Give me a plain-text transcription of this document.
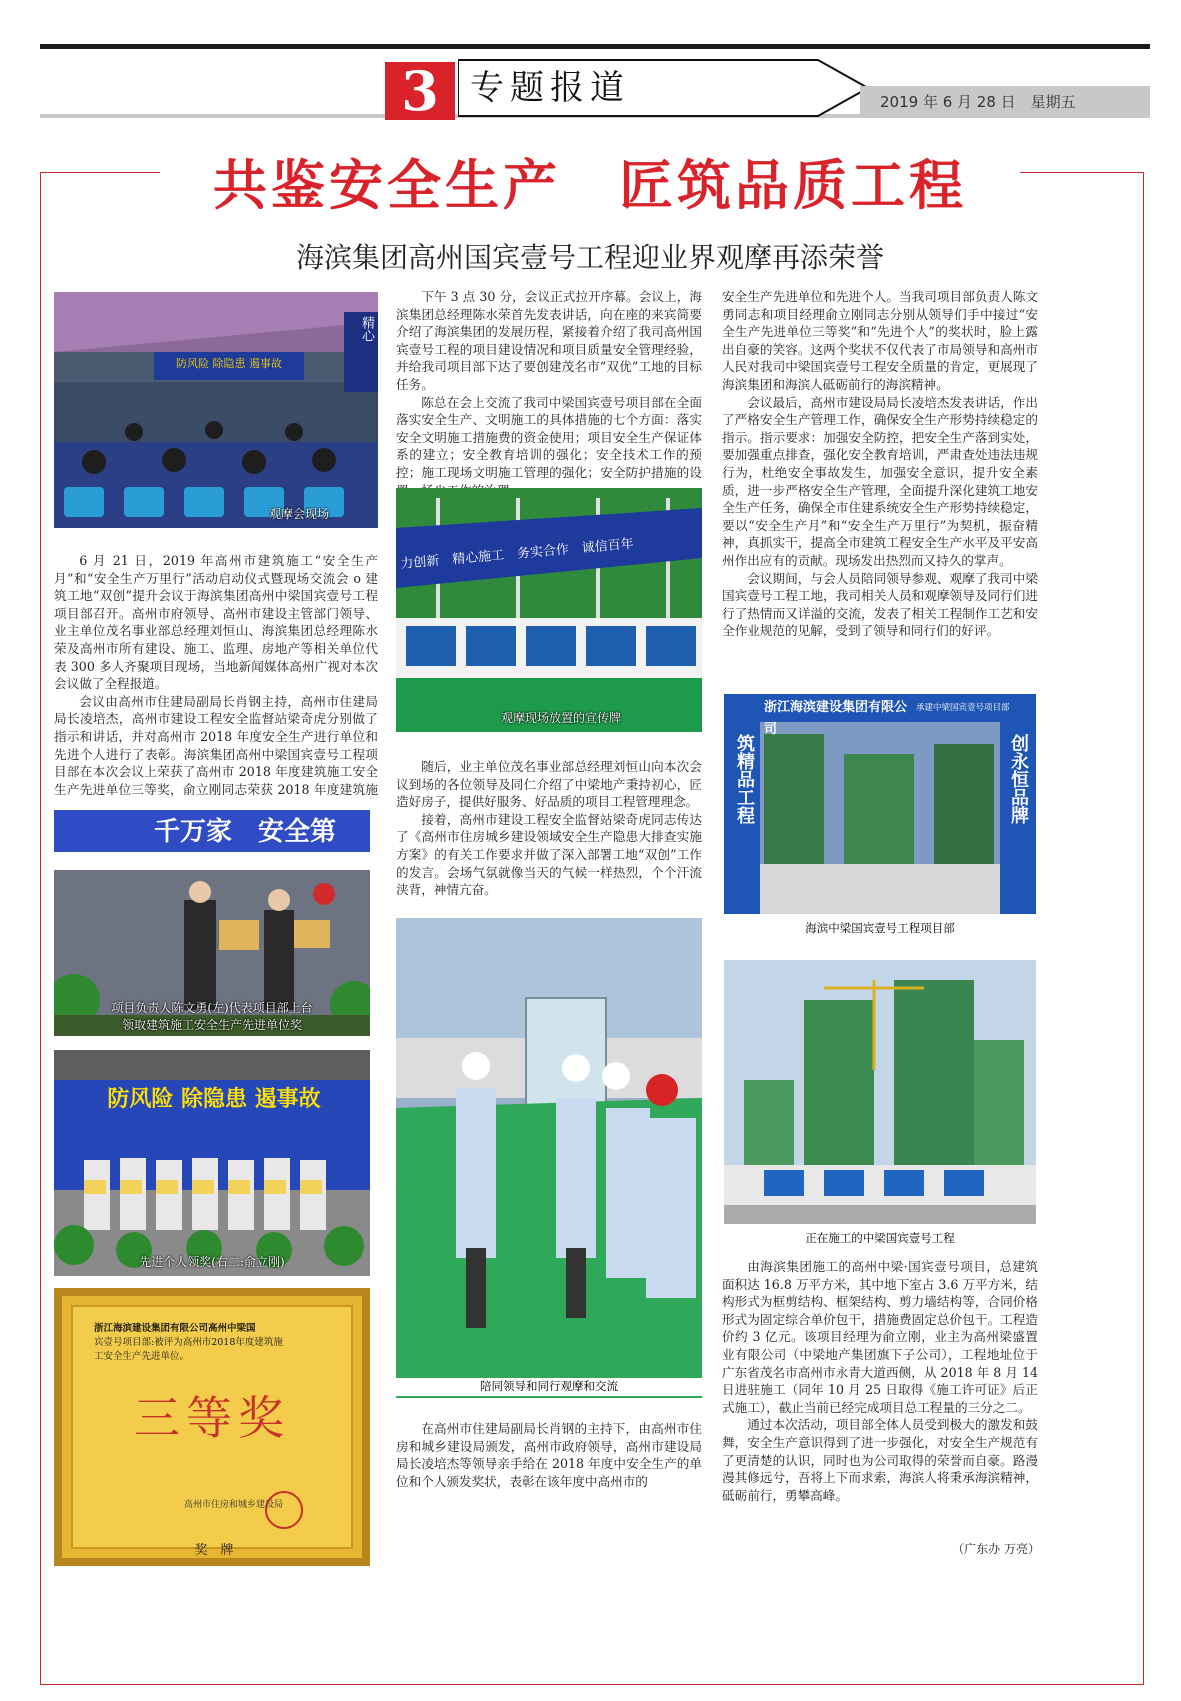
3 专题报道	2019 年 6 月 28 日　星期五
共鉴安全生产　匠筑品质工程
海滨集团高州国宾壹号工程迎业界观摩再添荣誉
防风险 除隐患 遏事故
精心
观摩会现场

6 月 21 日，2019 年高州市建筑施工“安全生产月”和“安全生产万里行”活动启动仪式暨现场交流会 o 建筑工地“双创”提升会议于海滨集团高州中梁国宾壹号工程项目部召开。高州市府领导、高州市建设主管部门领导、业主单位茂名事业部总经理刘恒山、海滨集团总经理陈水荣及高州市所有建设、施工、监理、房地产等相关单位代表 300 多人齐聚项目现场，当地新闻媒体高州广视对本次会议做了全程报道。

会议由高州市住建局副局长肖钢主持，高州市住建局局长凌培杰，高州市建设工程安全监督站梁奇虎分别做了指示和讲话，并对高州市 2018 年度安全生产进行单位和先进个人进行了表彰。海滨集团高州中梁国宾壹号工程项目部在本次会议上荣获了高州市 2018 年度建筑施工安全生产先进单位三等奖，俞立刚同志荣获 2018 年度建筑施

千万家　安全第
项目负责人陈文勇(左)代表项目部上台
领取建筑施工安全生产先进单位奖
防风险 除隐患 遏事故
先进个人领奖(右二:俞立刚)
浙江海滨建设集团有限公司高州中梁国
宾壹号项目部:被评为高州市2018年度建筑施
工安全生产先进单位。
三等奖
高州市住房和城乡建设局
奖　牌

下午 3 点 30 分，会议正式拉开序幕。会议上，海滨集团总经理陈水荣首先发表讲话，向在座的来宾简要介绍了海滨集团的发展历程，紧接着介绍了我司高州国宾壹号工程的项目建设情况和项目质量安全管理经验，并给我司项目部下达了要创建茂名市“双优”工地的目标任务。

陈总在会上交流了我司中梁国宾壹号项目部在全面落实安全生产、文明施工的具体措施的七个方面：落实安全文明施工措施费的资金使用；项目安全生产保证体系的建立；安全教育培训的强化；安全技术工作的预控；施工现场文明施工管理的强化；安全防护措施的设

力创新　精心施工　务实合作　诚信百年
观摩现场放置的宣传牌

随后，业主单位茂名事业部总经理刘恒山向本次会议到场的各位领导及同仁介绍了中梁地产秉持初心，匠造好房子，提供好服务、好品质的项目工程管理理念。

接着，高州市建设工程安全监督站梁奇虎同志传达了《高州市住房城乡建设领域安全生产隐患大排查实施方案》的有关工作要求并做了深入部署工地“双创”工作的发言。会场气氛就像当天的气候一样热烈，个个汗流浃背，神情亢奋。

陪同领导和同行观摩和交流

在高州市住建局副局长肖钢的主持下，由高州市住房和城乡建设局颁发，高州市政府领导，高州市建设局局长凌培杰等领导亲手给在 2018 年度中安全生产的单位和个人颁发奖状，表彰在该年度中高州市的

安全生产先进单位和先进个人。当我司项目部负责人陈文勇同志和项目经理俞立刚同志分别从领导们手中接过“安全生产先进单位三等奖”和“先进个人”的奖状时，脸上露出自豪的笑容。这两个奖状不仅代表了市局领导和高州市人民对我司中梁国宾壹号工程安全质量的肯定，更展现了海滨集团和海滨人砥砺前行的海滨精神。

会议最后，高州市建设局局长凌培杰发表讲话，作出了严格安全生产管理工作，确保安全生产形势持续稳定的指示。指示要求：加强安全防控，把安全生产落到实处，要加强重点排查，强化安全教育培训，严肃查处违法违规行为，杜绝安全事故发生，加强安全意识，提升安全素质，进一步严格安全生产管理，全面提升深化建筑工地安全生产任务，确保全市住建系统安全生产形势持续稳定，要以“安全生产月”和“安全生产万里行”为契机，振奋精神，真抓实干，提高全市建筑工程安全生产水平及平安高州作出应有的贡献。现场发出热烈而又持久的掌声。

会议期间，与会人员陪同领导参观、观摩了我司中梁国宾壹号工程工地，我司相关人员和观摩领导及同行们进行了热情而又详溢的交流，发表了相关工程制作工艺和安全作业规范的见解，受到了领导和同行们的好评。

浙江海滨建设集团有限公司
承建中梁国宾壹号项目部
筑精品工程	创永恒品牌
海滨中梁国宾壹号工程项目部
正在施工的中梁国宾壹号工程

由海滨集团施工的高州中梁·国宾壹号项目，总建筑面积达 16.8 万平方米，其中地下室占 3.6 万平方米，结构形式为框剪结构、框架结构、剪力墙结构等，合同价格形式为固定综合单价包干，措施费固定总价包干。工程造价约 3 亿元。该项目经理为俞立刚，业主为高州梁盛置业有限公司（中梁地产集团旗下子公司），工程地址位于广东省茂名市高州市永青大道西侧，从 2018 年 8 月 14 日进驻施工（同年 10 月 25 日取得《施工许可证》后正式施工），截止当前已经完成项目总工程量的三分之二。

通过本次活动，项目部全体人员受到极大的激发和鼓舞，安全生产意识得到了进一步强化，对安全生产规范有了更清楚的认识，同时也为公司取得的荣誉而自豪。路漫漫其修远兮，吾将上下而求索，海滨人将秉承海滨精神，砥砺前行，勇攀高峰。

（广东办 万亮）
